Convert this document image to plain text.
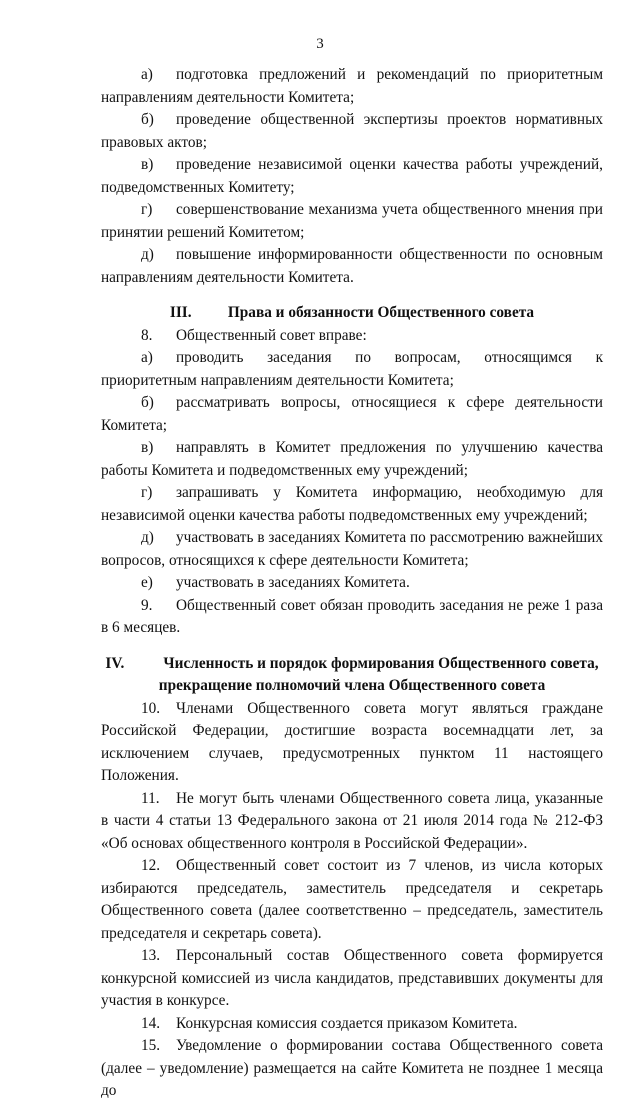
3

а) подготовка предложений и рекомендаций по приоритетным направлениям деятельности Комитета;

б) проведение общественной экспертизы проектов нормативных правовых актов;

в) проведение независимой оценки качества работы учреждений, подведомственных Комитету;

г) совершенствование механизма учета общественного мнения при принятии решений Комитетом;

д) повышение информированности общественности по основным направлениям деятельности Комитета.

III. Права и обязанности Общественного совета

8. Общественный совет вправе:

а) проводить заседания по вопросам, относящимся к приоритетным направлениям деятельности Комитета;

б) рассматривать вопросы, относящиеся к сфере деятельности Комитета;

в) направлять в Комитет предложения по улучшению качества работы Комитета и подведомственных ему учреждений;

г) запрашивать у Комитета информацию, необходимую для независимой оценки качества работы подведомственных ему учреждений;

д) участвовать в заседаниях Комитета по рассмотрению важнейших вопросов, относящихся к сфере деятельности Комитета;

е) участвовать в заседаниях Комитета.

9. Общественный совет обязан проводить заседания не реже 1 раза в 6 месяцев.

IV.	Численность и порядок формирования Общественного совета, прекращение полномочий члена Общественного совета

10. Членами Общественного совета могут являться граждане Российской Федерации, достигшие возраста восемнадцати лет, за исключением случаев, предусмотренных пунктом 11 настоящего Положения.

11. Не могут быть членами Общественного совета лица, указанные в части 4 статьи 13 Федерального закона от 21 июля 2014 года № 212-ФЗ «Об основах общественного контроля в Российской Федерации».

12. Общественный совет состоит из 7 членов, из числа которых избираются председатель, заместитель председателя и секретарь Общественного совета (далее соответственно – председатель, заместитель председателя и секретарь совета).

13. Персональный состав Общественного совета формируется конкурсной комиссией из числа кандидатов, представивших документы для участия в конкурсе.

14. Конкурсная комиссия создается приказом Комитета.

15. Уведомление о формировании состава Общественного совета (далее – уведомление) размещается на сайте Комитета не позднее 1 месяца до
